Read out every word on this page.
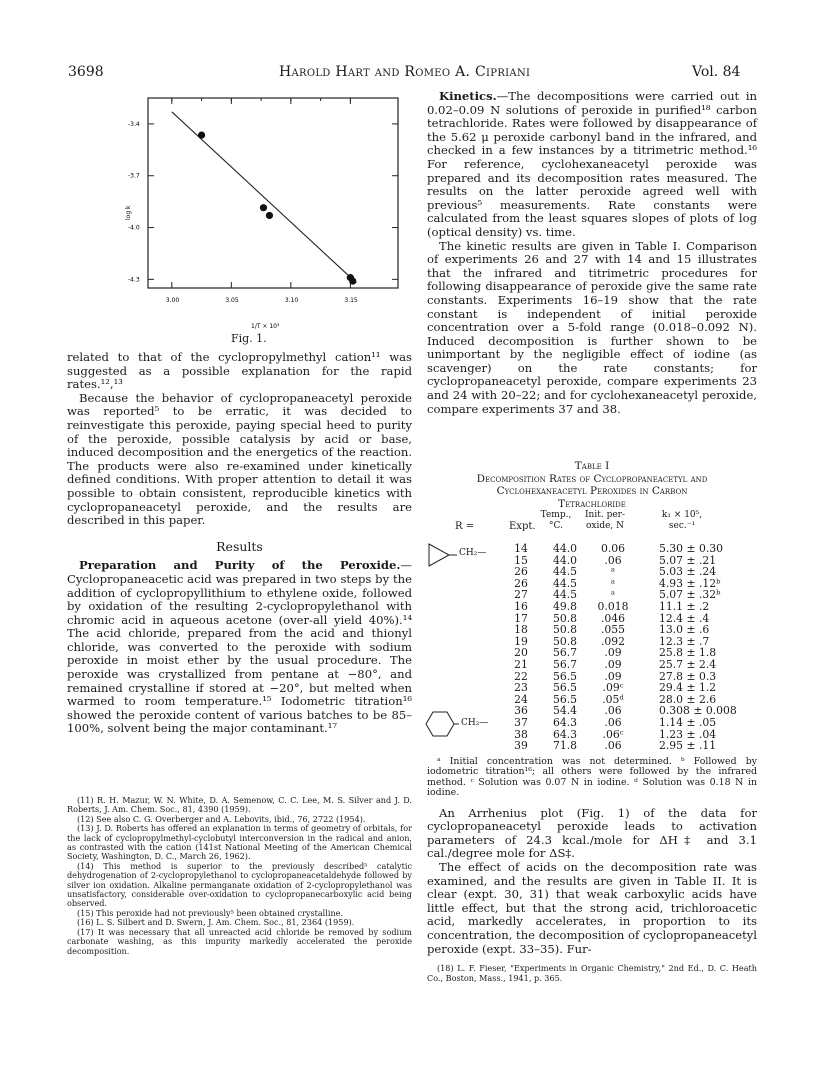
3698	Harold Hart and Romeo A. Cipriani	Vol. 84
3.00	3.05	3.10	3.15
-3.4
-3.7
-4.0
-4.3
log k
1/T × 10³
Fig. 1.

related to that of the cyclopropylmethyl cation¹¹ was suggested as a possible explanation for the rapid rates.¹²,¹³

Because the behavior of cyclopropaneacetyl peroxide was reported⁵ to be erratic, it was decided to reinvestigate this peroxide, paying special heed to purity of the peroxide, possible catalysis by acid or base, induced decomposition and the energetics of the reaction. The products were also re-examined under kinetically defined conditions. With proper attention to detail it was possible to obtain consistent, reproducible kinetics with cyclopropaneacetyl peroxide, and the results are described in this paper.

Results

Preparation and Purity of the Peroxide.—Cyclopropaneacetic acid was prepared in two steps by the addition of cyclopropyllithium to ethylene oxide, followed by oxidation of the resulting 2-cyclopropylethanol with chromic acid in aqueous acetone (over-all yield 40%).¹⁴ The acid chloride, prepared from the acid and thionyl chloride, was converted to the peroxide with sodium peroxide in moist ether by the usual procedure. The peroxide was crystallized from pentane at −80°, and remained crystalline if stored at −20°, but melted when warmed to room temperature.¹⁵ Iodometric titration¹⁶ showed the peroxide content of various batches to be 85–100%, solvent being the major contaminant.¹⁷

(11) R. H. Mazur, W. N. White, D. A. Semenow, C. C. Lee, M. S. Silver and J. D. Roberts, J. Am. Chem. Soc., 81, 4390 (1959).

(12) See also C. G. Overberger and A. Lebovits, ibid., 76, 2722 (1954).

(13) J. D. Roberts has offered an explanation in terms of geometry of orbitals, for the lack of cyclopropylmethyl-cyclobutyl interconversion in the radical and anion, as contrasted with the cation (141st National Meeting of the American Chemical Society, Washington, D. C., March 26, 1962).

(14) This method is superior to the previously described⁵ catalytic dehydrogenation of 2-cyclopropylethanol to cyclopropaneacetaldehyde followed by silver ion oxidation. Alkaline permanganate oxidation of 2-cyclopropylethanol was unsatisfactory, considerable over-oxidation to cyclopropanecarboxylic acid being observed.

(15) This peroxide had not previously⁵ been obtained crystalline.

(16) L. S. Silbert and D. Swern, J. Am. Chem. Soc., 81, 2364 (1959).

(17) It was necessary that all unreacted acid chloride be removed by sodium carbonate washing, as this impurity markedly accelerated the peroxide decomposition.

Kinetics.—The decompositions were carried out in 0.02–0.09 N solutions of peroxide in purified¹⁸ carbon tetrachloride. Rates were followed by disappearance of the 5.62 μ peroxide carbonyl band in the infrared, and checked in a few instances by a titrimetric method.¹⁶ For reference, cyclohexaneacetyl peroxide was prepared and its decomposition rates measured. The results on the latter peroxide agreed well with previous⁵ measurements. Rate constants were calculated from the least squares slopes of plots of log (optical density) vs. time.

The kinetic results are given in Table I. Comparison of experiments 26 and 27 with 14 and 15 illustrates that the infrared and titrimetric procedures for following disappearance of peroxide give the same rate constants. Experiments 16–19 show that the rate constant is independent of initial peroxide concentration over a 5-fold range (0.018–0.092 N). Induced decomposition is further shown to be unimportant by the negligible effect of iodine (as scavenger) on the rate constants; for cyclopropaneacetyl peroxide, compare experiments 23 and 24 with 20–22; and for cyclohexaneacetyl peroxide, compare experiments 37 and 38.

Table I
Decomposition Rates of Cyclopropaneacetyl and
Cyclohexaneacetyl Peroxides in Carbon
Tetrachloride
R =	Expt.
Temp., °C.
Init. per-oxide, N
k₁ × 10⁵, sec.⁻¹
CH₂—
CH₂—
14	44.0	0.06	5.30 ± 0.30
15	44.0	.06	5.07 ± .21
26	44.5	ᵃ	5.03 ± .24
26	44.5	ᵃ	4.93 ± .12ᵇ
27	44.5	ᵃ	5.07 ± .32ᵇ
16	49.8	0.018	11.1 ± .2
17	50.8	.046	12.4 ± .4
18	50.8	.055	13.0 ± .6
19	50.8	.092	12.3 ± .7
20	56.7	.09	25.8 ± 1.8
21	56.7	.09	25.7 ± 2.4
22	56.5	.09	27.8 ± 0.3
23	56.5	.09ᶜ	29.4 ± 1.2
24	56.5	.05ᵈ	28.0 ± 2.6
36	54.4	.06	0.308 ± 0.008
37	64.3	.06	1.14 ± .05
38	64.3	.06ᶜ	1.23 ± .04
39	71.8	.06	2.95 ± .11

ᵃ Initial concentration was not determined. ᵇ Followed by iodometric titration¹⁶; all others were followed by the infrared method. ᶜ Solution was 0.07 N in iodine. ᵈ Solution was 0.18 N in iodine.

An Arrhenius plot (Fig. 1) of the data for cyclopropaneacetyl peroxide leads to activation parameters of 24.3 kcal./mole for ΔH‡ and 3.1 cal./degree mole for ΔS‡.

The effect of acids on the decomposition rate was examined, and the results are given in Table II. It is clear (expt. 30, 31) that weak carboxylic acids have little effect, but that the strong acid, trichloroacetic acid, markedly accelerates, in proportion to its concentration, the decomposition of cyclopropaneacetyl peroxide (expt. 33–35). Fur-

(18) L. F. Fieser, "Experiments in Organic Chemistry," 2nd Ed., D. C. Heath Co., Boston, Mass., 1941, p. 365.
